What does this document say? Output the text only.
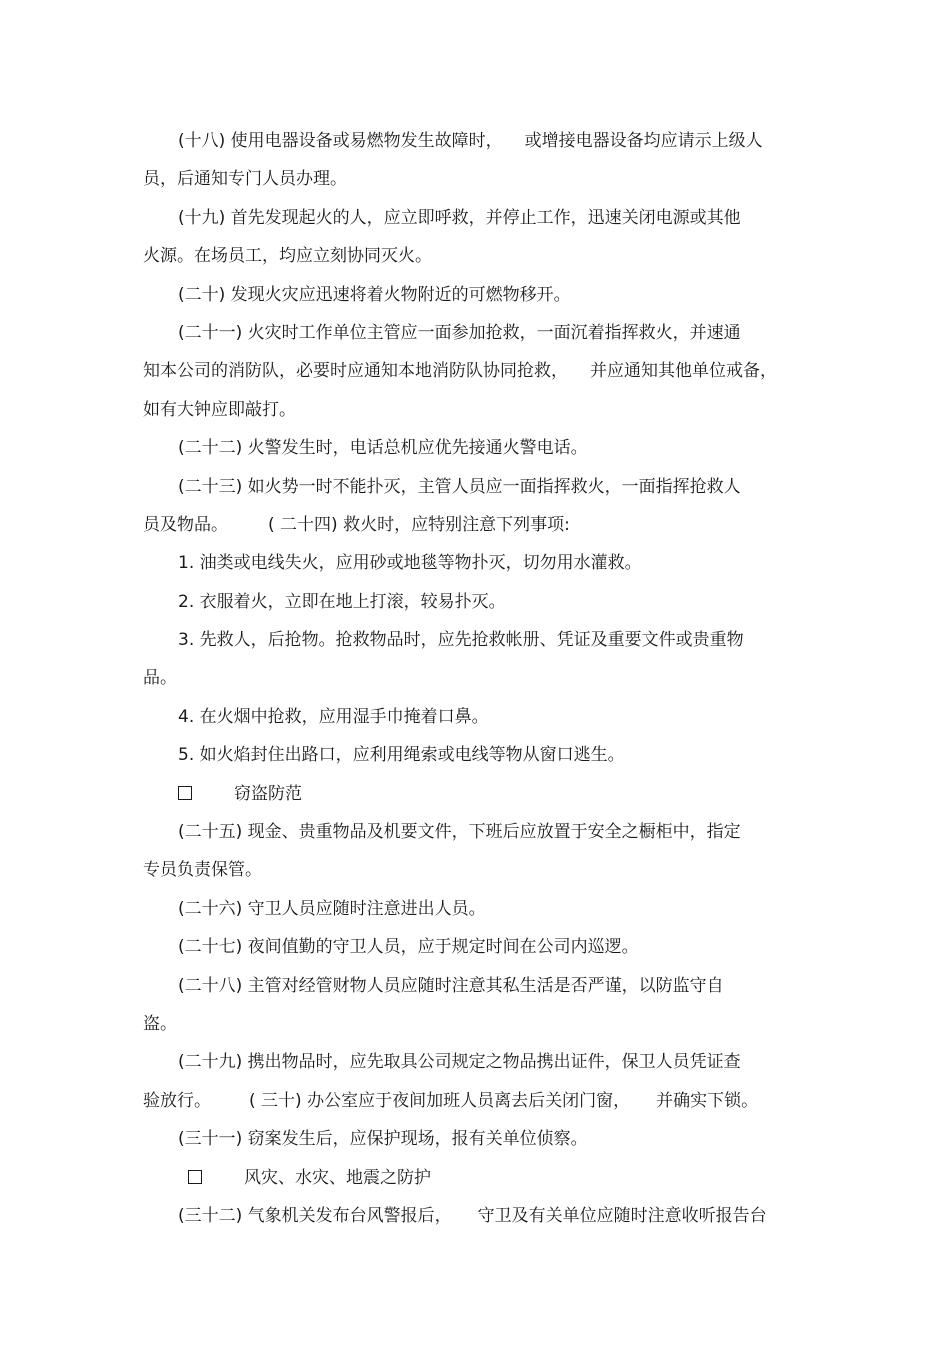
(十八) 使用电器设备或易燃物发生故障时， 或增接电器设备均应请示上级人
员，后通知专门人员办理。
(十九) 首先发现起火的人，应立即呼救，并停止工作，迅速关闭电源或其他
火源。在场员工，均应立刻协同灭火。
(二十) 发现火灾应迅速将着火物附近的可燃物移开。
(二十一) 火灾时工作单位主管应一面参加抢救，一面沉着指挥救火，并速通
知本公司的消防队，必要时应通知本地消防队协同抢救， 并应通知其他单位戒备，
如有大钟应即敲打。
(二十二) 火警发生时，电话总机应优先接通火警电话。
(二十三) 如火势一时不能扑灭，主管人员应一面指挥救火，一面指挥抢救人
员及物品。 ( 二十四) 救火时，应特别注意下列事项:
1. 油类或电线失火，应用砂或地毯等物扑灭，切勿用水灌救。
2. 衣服着火，立即在地上打滚，较易扑灭。
3. 先救人，后抢物。抢救物品时，应先抢救帐册、凭证及重要文件或贵重物
品。
4. 在火烟中抢救，应用湿手巾掩着口鼻。
5. 如火焰封住出路口，应利用绳索或电线等物从窗口逃生。
窃盗防范
(二十五) 现金、贵重物品及机要文件，下班后应放置于安全之橱柜中，指定
专员负责保管。
(二十六) 守卫人员应随时注意进出人员。
(二十七) 夜间值勤的守卫人员，应于规定时间在公司内巡逻。
(二十八) 主管对经管财物人员应随时注意其私生活是否严谨，以防监守自
盗。
(二十九) 携出物品时，应先取具公司规定之物品携出证件，保卫人员凭证查
验放行。 ( 三十) 办公室应于夜间加班人员离去后关闭门窗， 并确实下锁。
(三十一) 窃案发生后，应保护现场，报有关单位侦察。
风灾、水灾、地震之防护
(三十二) 气象机关发布台风警报后， 守卫及有关单位应随时注意收听报告台
